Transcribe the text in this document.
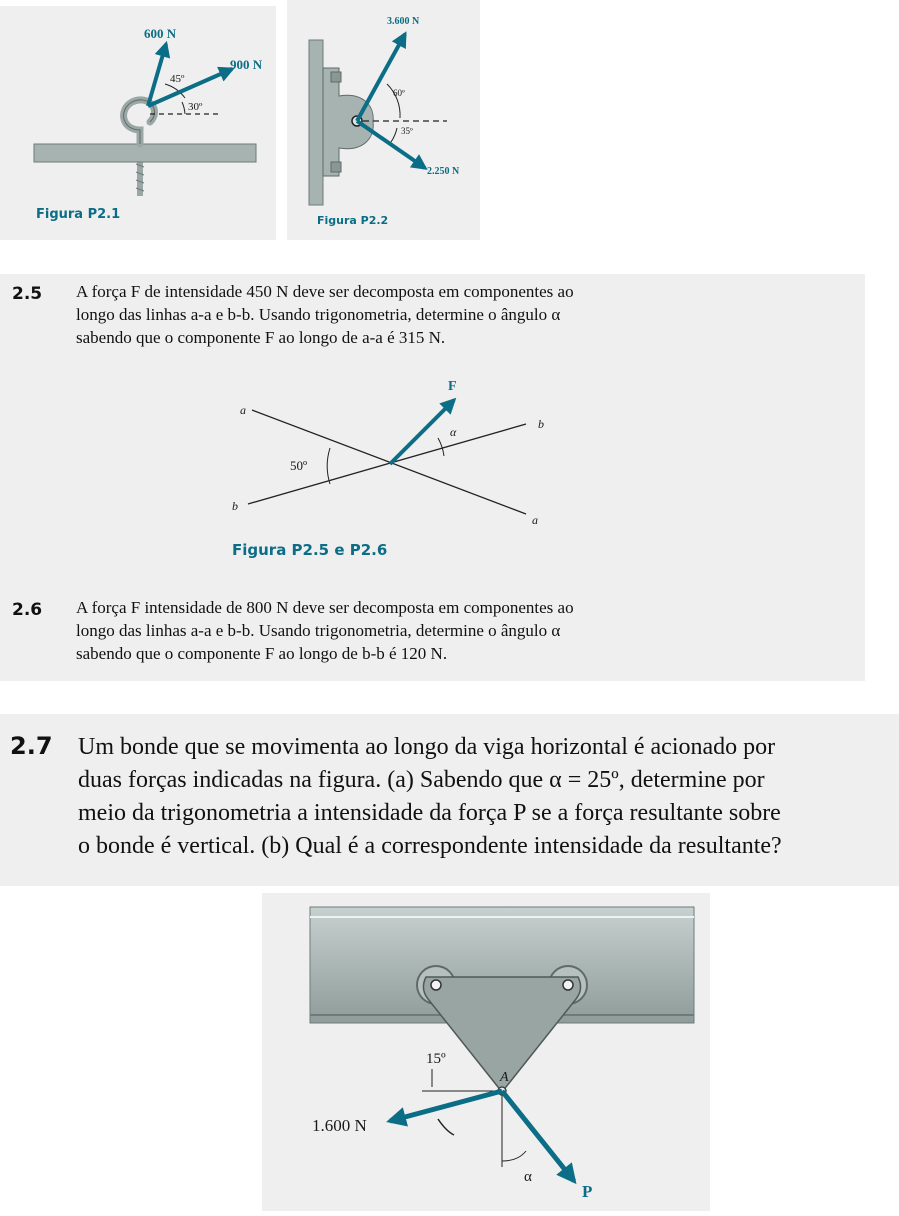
600 N
900 N
45º
30º
Figura P2.1
3.600 N
2.250 N
60º
35º
Figura P2.2
2.5 A força F de intensidade 450 N deve ser decomposta em componentes ao
longo das linhas a-a e b-b. Usando trigonometria, determine o ângulo α
sabendo que o componente F ao longo de a-a é 315 N.
F
50º
α
a
b
b
a
Figura P2.5 e P2.6
2.6 A força F intensidade de 800 N deve ser decomposta em componentes ao
longo das linhas a-a e b-b. Usando trigonometria, determine o ângulo α
sabendo que o componente F ao longo de b-b é 120 N.
2.7 Um bonde que se movimenta ao longo da viga horizontal é acionado por
duas forças indicadas na figura. (a) Sabendo que α = 25º, determine por
meio da trigonometria a intensidade da força P se a força resultante sobre
o bonde é vertical. (b) Qual é a correspondente intensidade da resultante?
1.600 N
P
15º
α
A
